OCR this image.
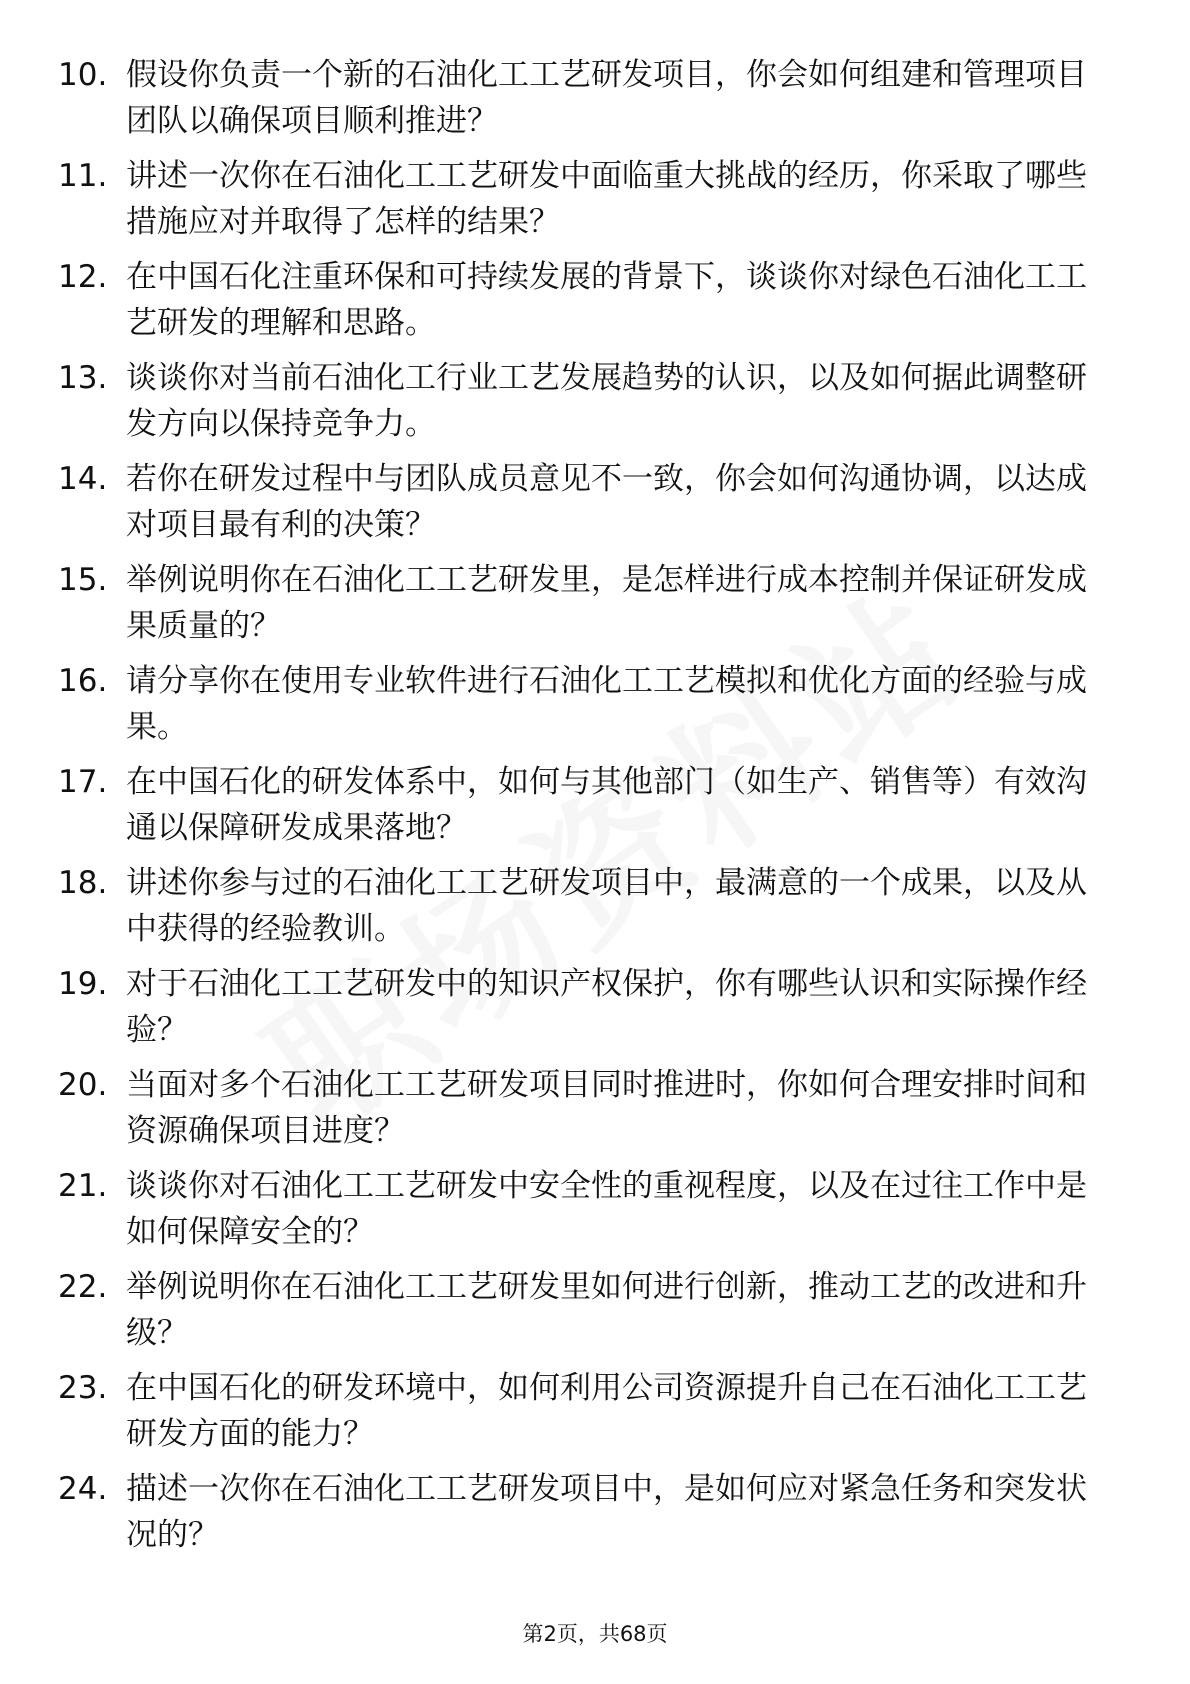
10. 假设你负责一个新的石油化工工艺研发项目，你会如何组建和管理项目团队以确保项目顺利推进？
11. 讲述一次你在石油化工工艺研发中面临重大挑战的经历，你采取了哪些措施应对并取得了怎样的结果？
12. 在中国石化注重环保和可持续发展的背景下，谈谈你对绿色石油化工工艺研发的理解和思路。
13. 谈谈你对当前石油化工行业工艺发展趋势的认识，以及如何据此调整研发方向以保持竞争力。
14. 若你在研发过程中与团队成员意见不一致，你会如何沟通协调，以达成对项目最有利的决策？
15. 举例说明你在石油化工工艺研发里，是怎样进行成本控制并保证研发成果质量的？
16. 请分享你在使用专业软件进行石油化工工艺模拟和优化方面的经验与成果。
17. 在中国石化的研发体系中，如何与其他部门（如生产、销售等）有效沟通以保障研发成果落地？
18. 讲述你参与过的石油化工工艺研发项目中，最满意的一个成果，以及从中获得的经验教训。
19. 对于石油化工工艺研发中的知识产权保护，你有哪些认识和实际操作经验？
20. 当面对多个石油化工工艺研发项目同时推进时，你如何合理安排时间和资源确保项目进度？
21. 谈谈你对石油化工工艺研发中安全性的重视程度，以及在过往工作中是如何保障安全的？
22. 举例说明你在石油化工工艺研发里如何进行创新，推动工艺的改进和升级？
23. 在中国石化的研发环境中，如何利用公司资源提升自己在石油化工工艺研发方面的能力？
24. 描述一次你在石油化工工艺研发项目中，是如何应对紧急任务和突发状况的？
第2页，共68页
